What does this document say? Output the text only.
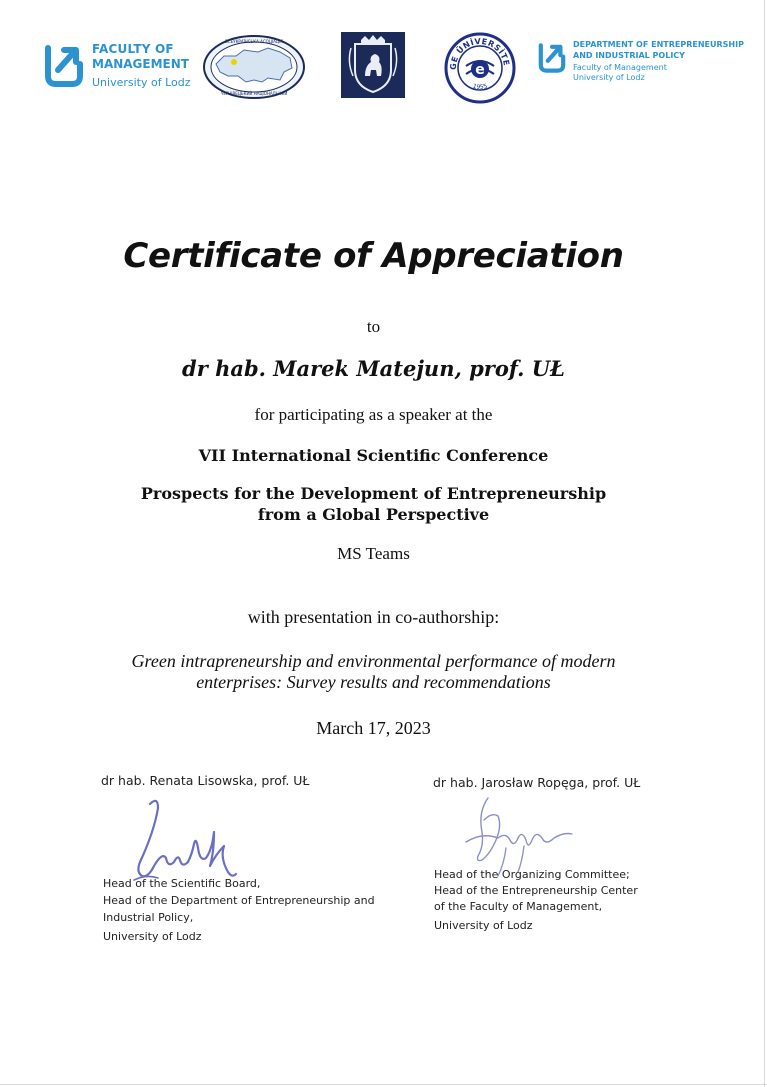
FACULTY OF
MANAGEMENT
University of Lodz
ВСЕУКРАЇНСЬКА АСОЦІАЦІЯ
ЧЕРНІВЕЦЬКИЙ НАЦІОНАЛЬНИЙ
GE ÜNİVERSİTE
1955
e
DEPARTMENT OF ENTREPRENEURSHIP
AND INDUSTRIAL POLICY
Faculty of Management
University of Lodz
Certificate of Appreciation
to
dr hab. Marek Matejun, prof. UŁ
for participating as a speaker at the
VII International Scientific Conference
Prospects for the Development of Entrepreneurship
from a Global Perspective
MS Teams
with presentation in co-authorship:
Green intrapreneurship and environmental performance of modern
enterprises: Survey results and recommendations
March 17, 2023
dr hab. Renata Lisowska, prof. UŁ
Head of the Scientific Board,
Head of the Department of Entrepreneurship and
Industrial Policy,
University of Lodz
dr hab. Jarosław Ropęga, prof. UŁ
Head of the Organizing Committee;
Head of the Entrepreneurship Center
of the Faculty of Management,
University of Lodz
